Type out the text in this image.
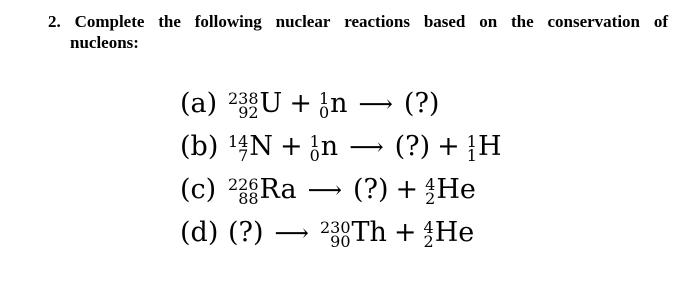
2. Complete the following nuclear reactions based on the conservation of
nucleons:
(a) 238
92 U + 1
0 n ⟶ (?)
(b) 14
7 N + 1
0 n ⟶ (?) + 1
1 H
(c) 226
88 Ra ⟶ (?) + 4
2 He
(d) (?) ⟶ 230
90 Th + 4
2 He
